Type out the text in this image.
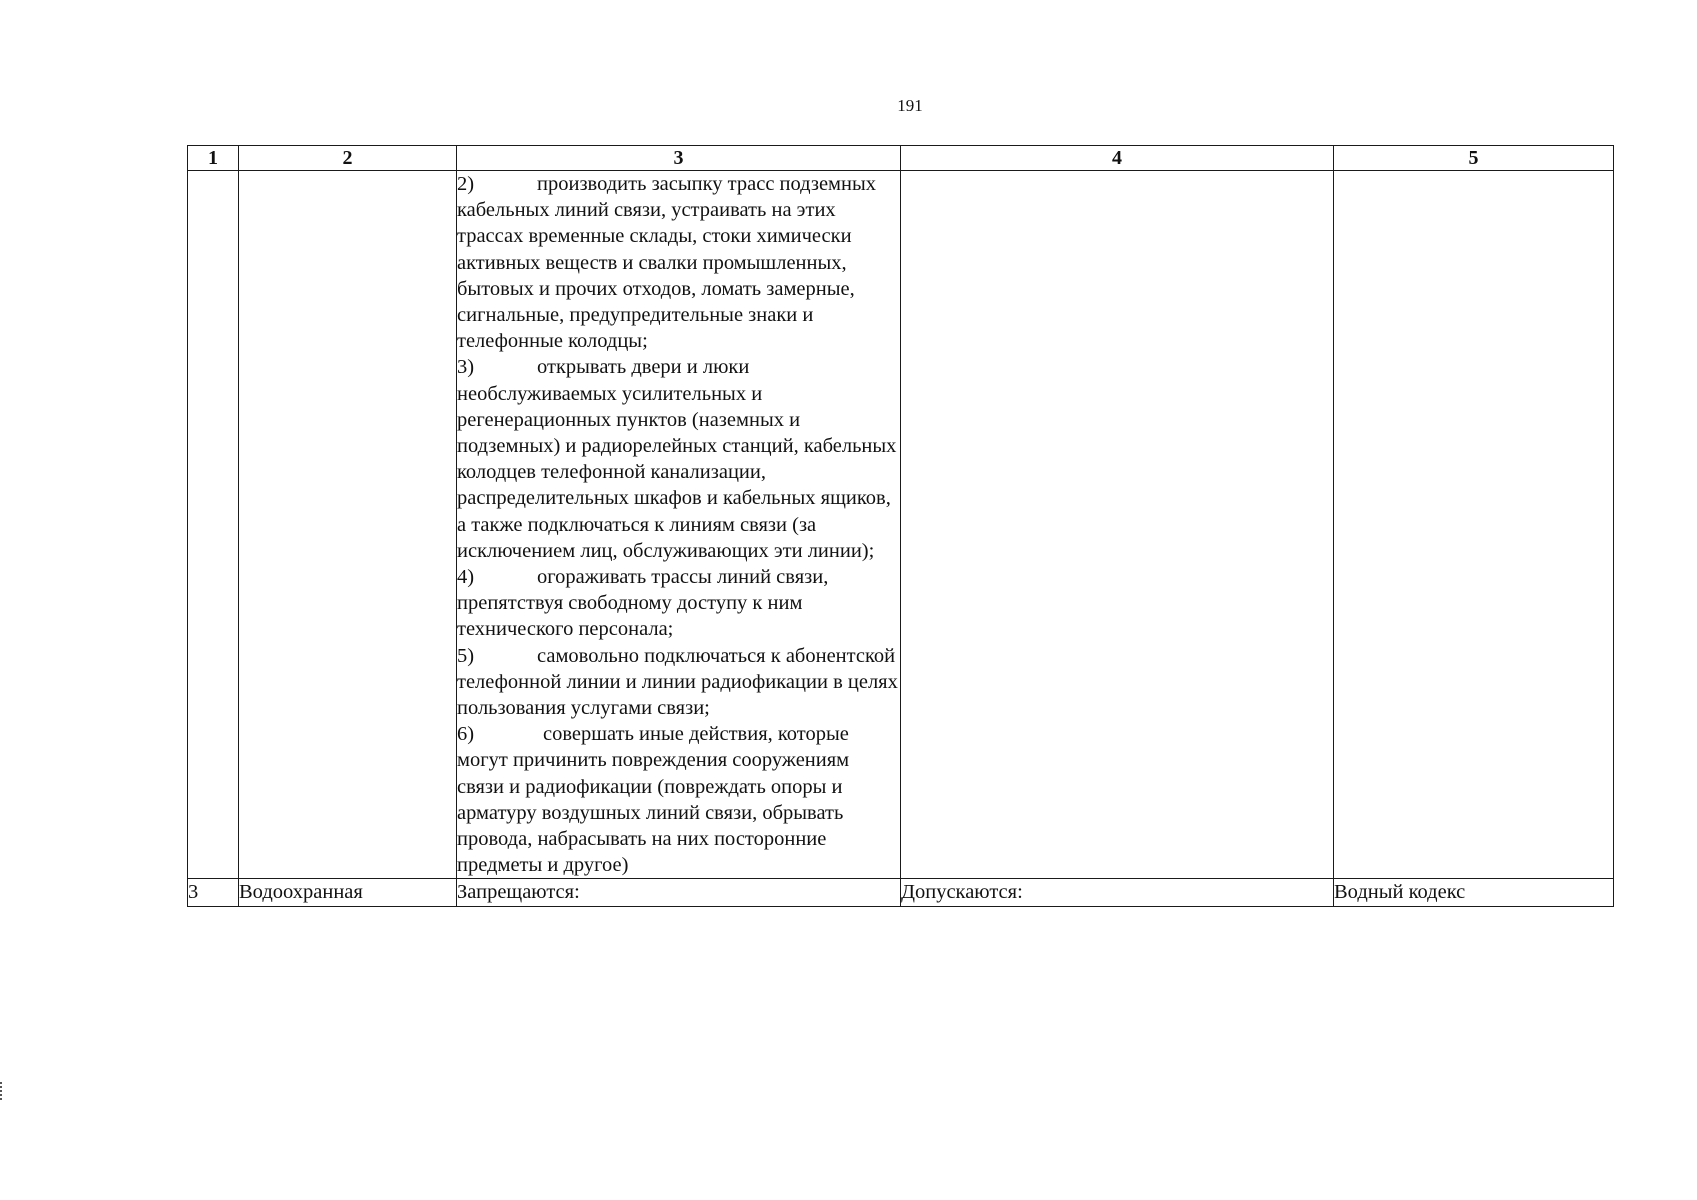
191
1	2	3	4	5

		2) производить засыпку трасс подземных кабельных линий связи, устраивать на этих трассах временные склады, стоки химически активных веществ и свалки промышленных, бытовых и прочих отходов, ломать замерные, сигнальные, предупредительные знаки и телефонные колодцы;
3) открывать двери и люки необслуживаемых усилительных и регенерационных пунктов (наземных и подземных) и радиорелейных станций, кабельных колодцев телефонной канализации, распределительных шкафов и кабельных ящиков, а также подключаться к линиям связи (за исключением лиц, обслуживающих эти линии);
4) огораживать трассы линий связи, препятствуя свободному доступу к ним технического персонала;
5) самовольно подключаться к абонентской телефонной линии и линии радиофикации в целях пользования услугами связи;
6) совершать иные действия, которые могут причинить повреждения сооружениям связи и радиофикации (повреждать опоры и арматуру воздушных линий связи, обрывать провода, набрасывать на них посторонние предметы и другое)		

3	Водоохранная	Запрещаются:	Допускаются:	Водный кодекс
